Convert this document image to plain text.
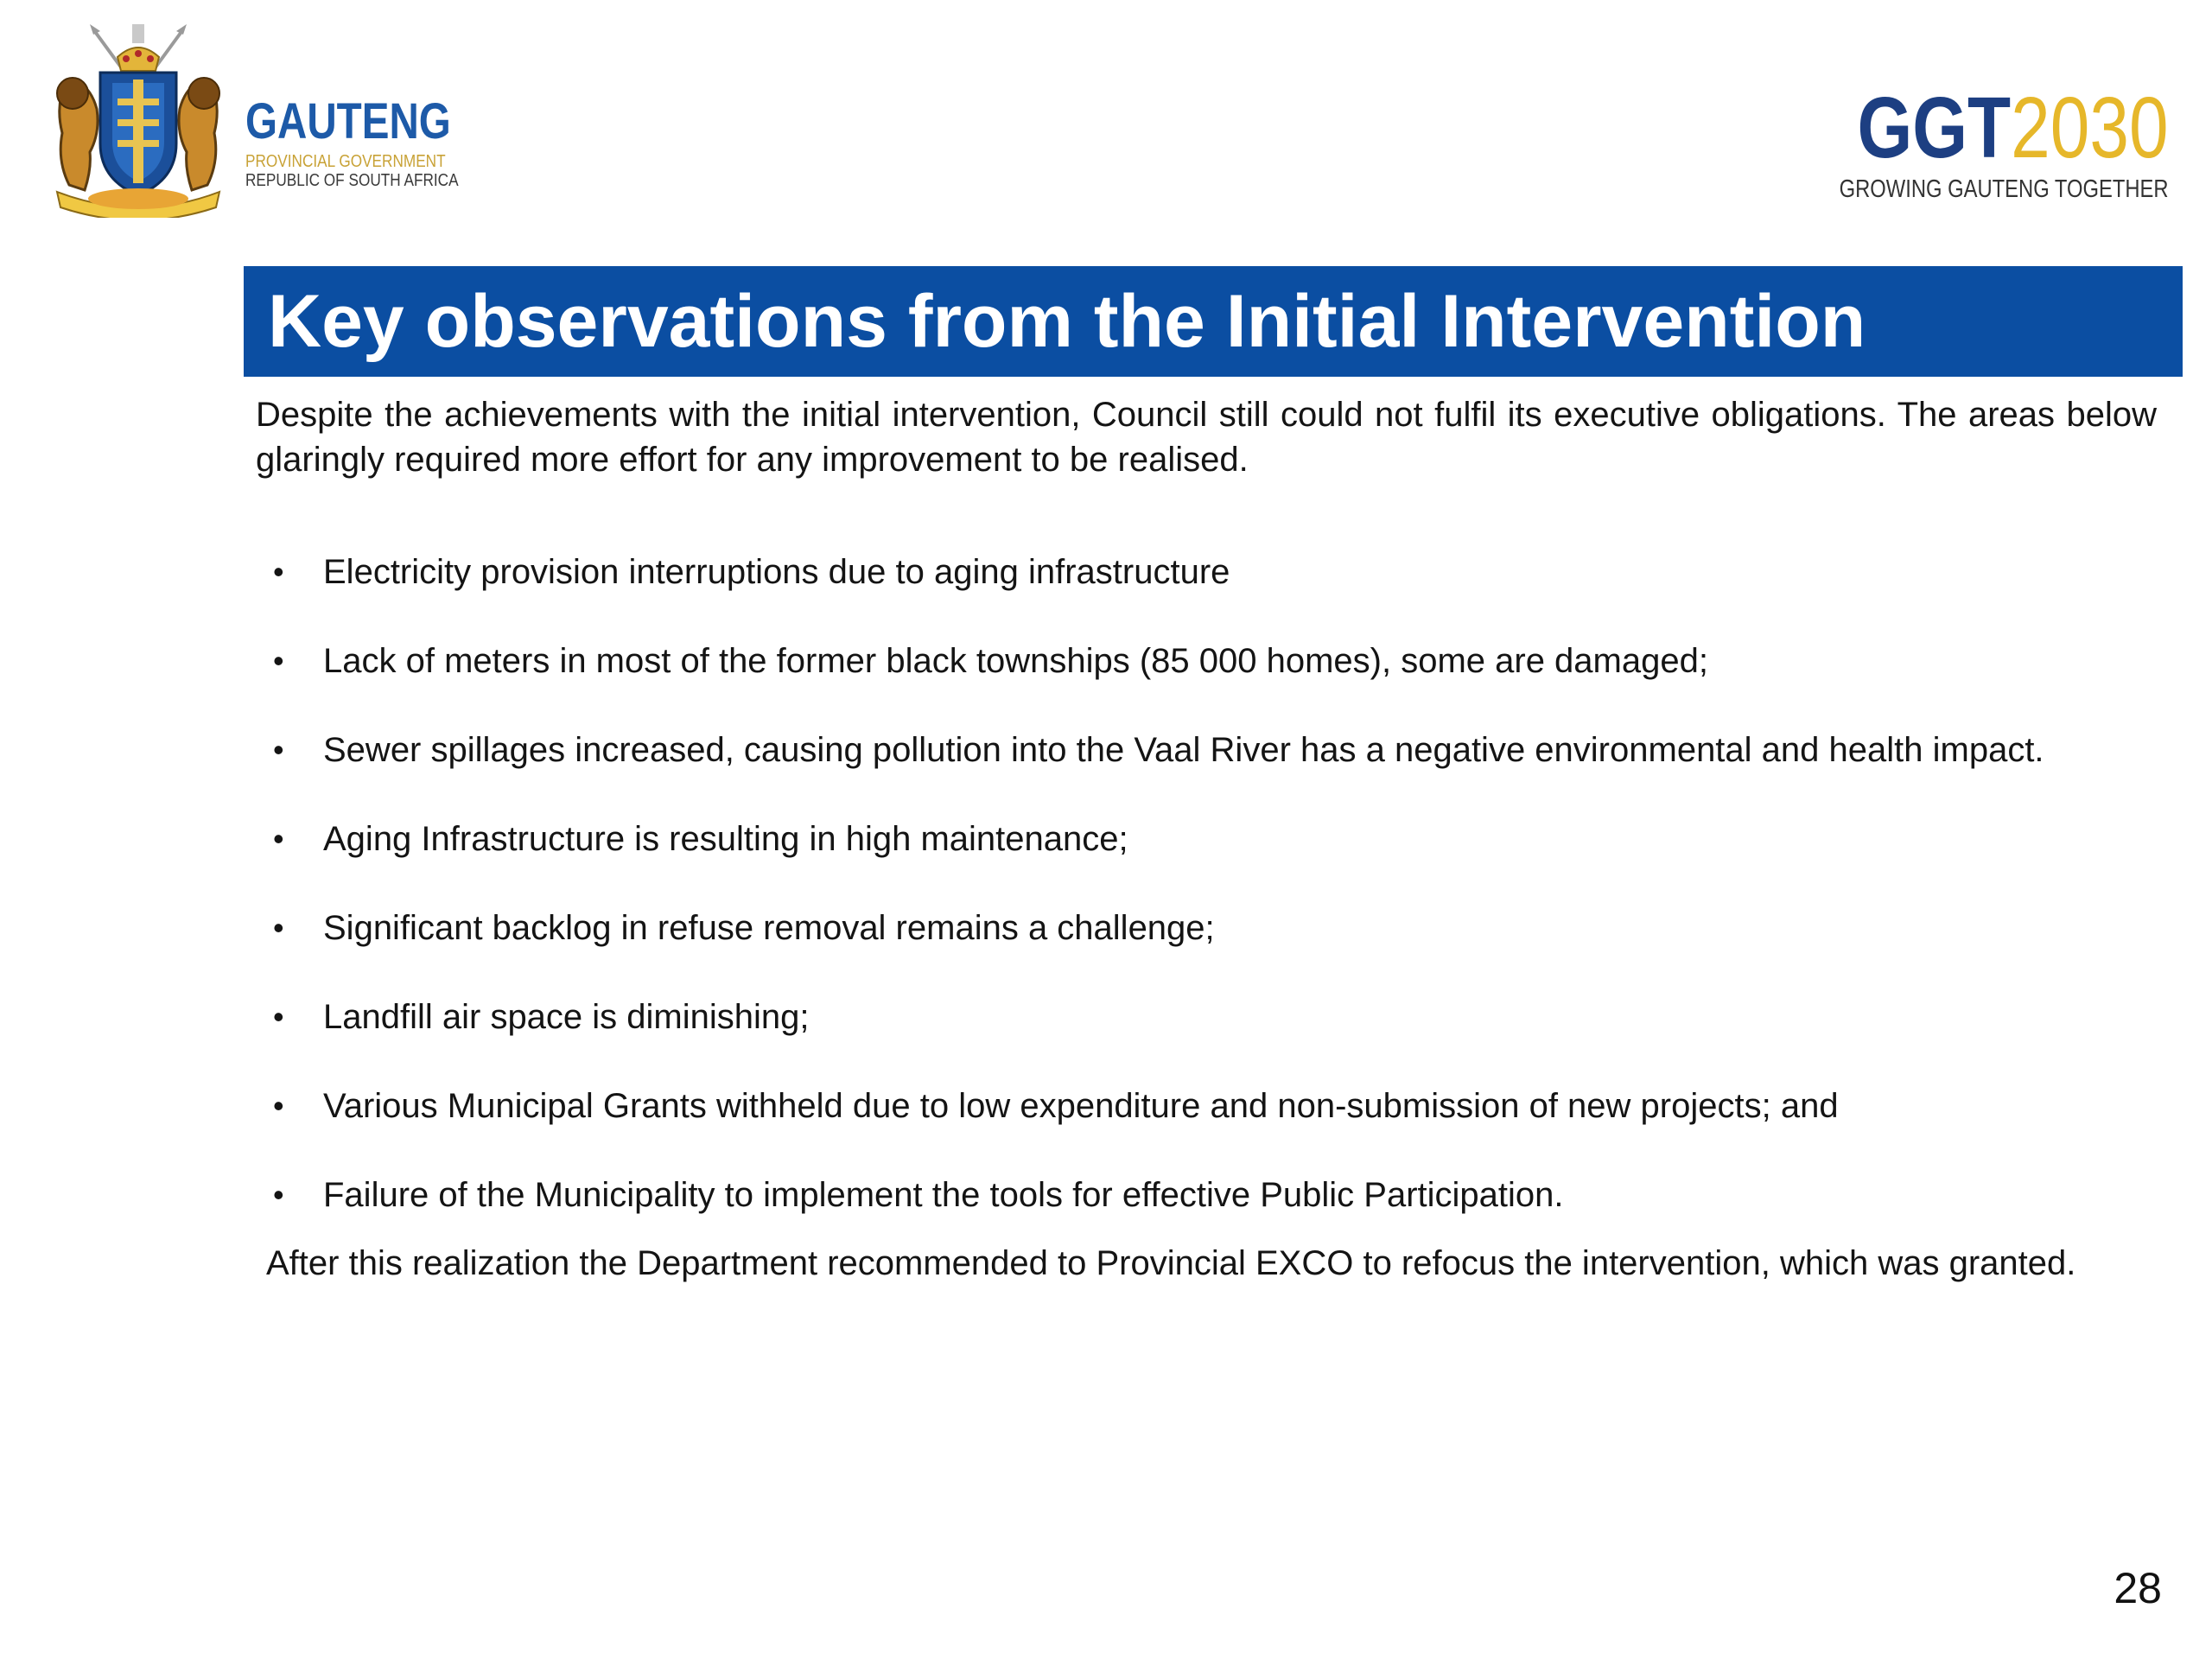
GAUTENG
PROVINCIAL GOVERNMENT
REPUBLIC OF SOUTH AFRICA
GGT2030
GROWING GAUTENG TOGETHER
Key observations from the Initial Intervention
Despite the achievements with the initial intervention, Council still could not fulfil its executive obligations. The areas below glaringly required more effort for any improvement to be realised.
•	Electricity provision interruptions due to aging infrastructure
•	Lack of meters in most of the former black townships (85 000 homes), some are damaged;
•	Sewer spillages increased, causing pollution into the Vaal River has a negative environmental and health impact.
•	Aging Infrastructure is resulting in high maintenance;
•	Significant backlog in refuse removal remains a challenge;
•	Landfill air space is diminishing;
•	Various Municipal Grants withheld due to low expenditure and non-submission of new projects; and
•	Failure of the Municipality to implement the tools for effective Public Participation.
After this realization the Department recommended to Provincial EXCO to refocus the intervention, which was granted.
28
